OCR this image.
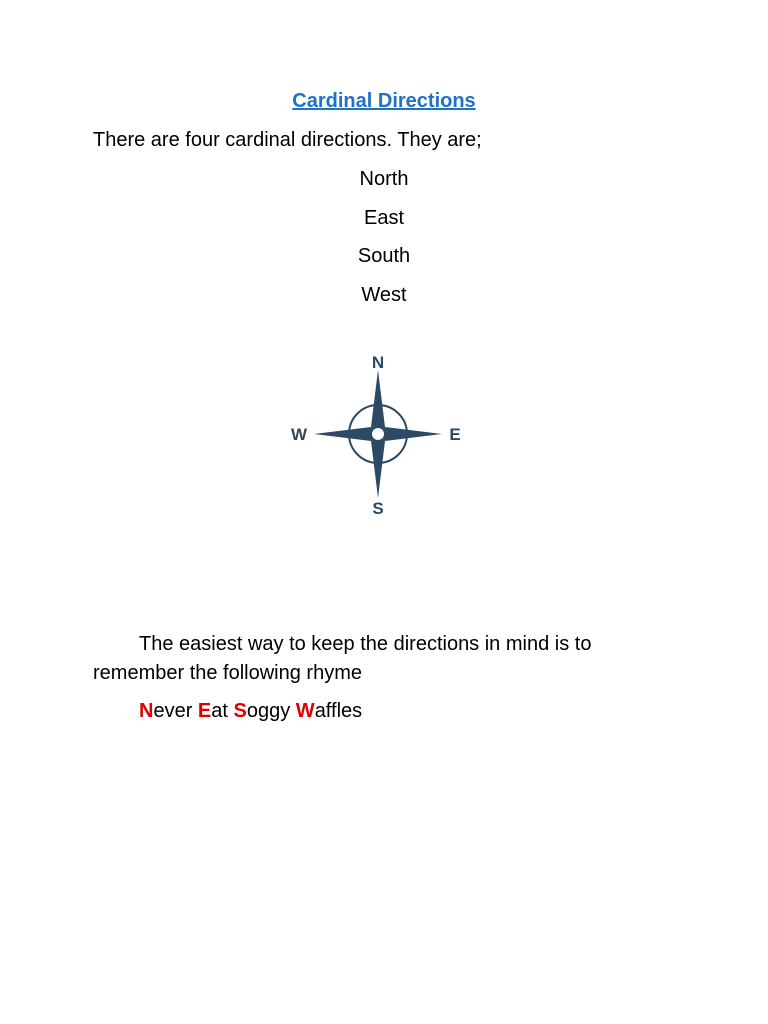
Cardinal Directions
There are four cardinal directions. They are;
North
East
South
West
N
E
S
W
The easiest way to keep the directions in mind is to remember the following rhyme
Never Eat Soggy Waffles
